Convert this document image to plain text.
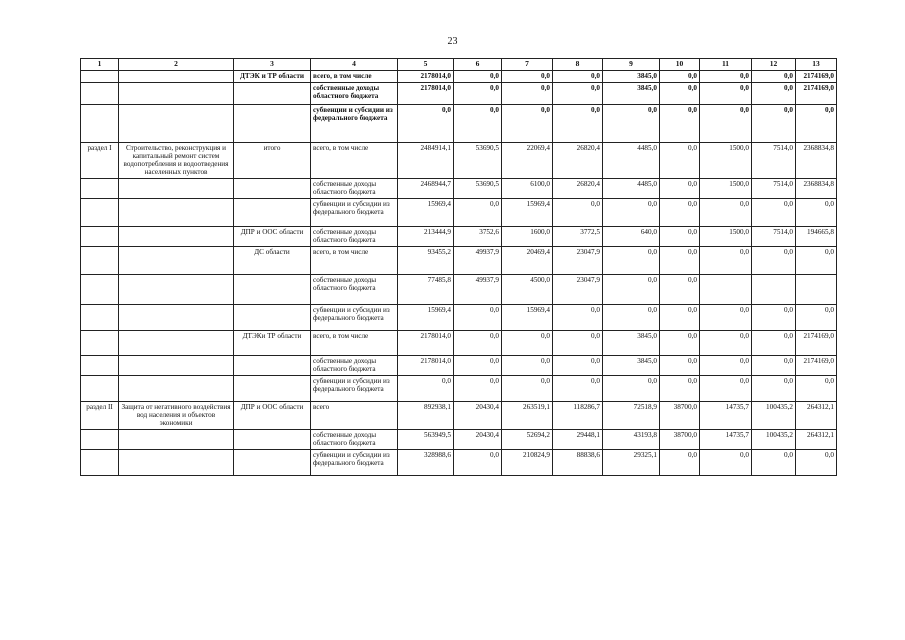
23
1	2	3	4	5	6	7	8	9	10	11	12	13
		ДТЭК и ТР области	всего, в том числе	2178014,0	0,0	0,0	0,0	3845,0	0,0	0,0	0,0	2174169,0
			собственные доходы областного бюджета	2178014,0	0,0	0,0	0,0	3845,0	0,0	0,0	0,0	2174169,0
			субвенции и субсидии из федерального бюджета	0,0	0,0	0,0	0,0	0,0	0,0	0,0	0,0	0,0
раздел I	Строительство, реконструкция и капитальный ремонт систем водопотребления и водоотведения населенных пунктов	итого	всего, в том числе	2484914,1	53690,5	22069,4	26820,4	4485,0	0,0	1500,0	7514,0	2368834,8
			собственные доходы областного бюджета	2468944,7	53690,5	6100,0	26820,4	4485,0	0,0	1500,0	7514,0	2368834,8
			субвенции и субсидии из федерального бюджета	15969,4	0,0	15969,4	0,0	0,0	0,0	0,0	0,0	0,0
		ДПР и ООС области	собственные доходы областного бюджета	213444,9	3752,6	1600,0	3772,5	640,0	0,0	1500,0	7514,0	194665,8
		ДС области	всего, в том числе	93455,2	49937,9	20469,4	23047,9	0,0	0,0	0,0	0,0	0,0
			собственные доходы областного бюджета	77485,8	49937,9	4500,0	23047,9	0,0	0,0			
			субвенции и субсидии из федерального бюджета	15969,4	0,0	15969,4	0,0	0,0	0,0	0,0	0,0	0,0
		ДТЭКи ТР области	всего, в том числе	2178014,0	0,0	0,0	0,0	3845,0	0,0	0,0	0,0	2174169,0
			собственные доходы областного бюджета	2178014,0	0,0	0,0	0,0	3845,0	0,0	0,0	0,0	2174169,0
			субвенции и субсидии из федерального бюджета	0,0	0,0	0,0	0,0	0,0	0,0	0,0	0,0	0,0
раздел II	Защита от негативного воздействия вод населения и объектов экономики	ДПР и ООС области	всего	892938,1	20430,4	263519,1	118286,7	72518,9	38700,0	14735,7	100435,2	264312,1
			собственные доходы областного бюджета	563949,5	20430,4	52694,2	29448,1	43193,8	38700,0	14735,7	100435,2	264312,1
			субвенции и субсидии из федерального бюджета	328988,6	0,0	210824,9	88838,6	29325,1	0,0	0,0	0,0	0,0
